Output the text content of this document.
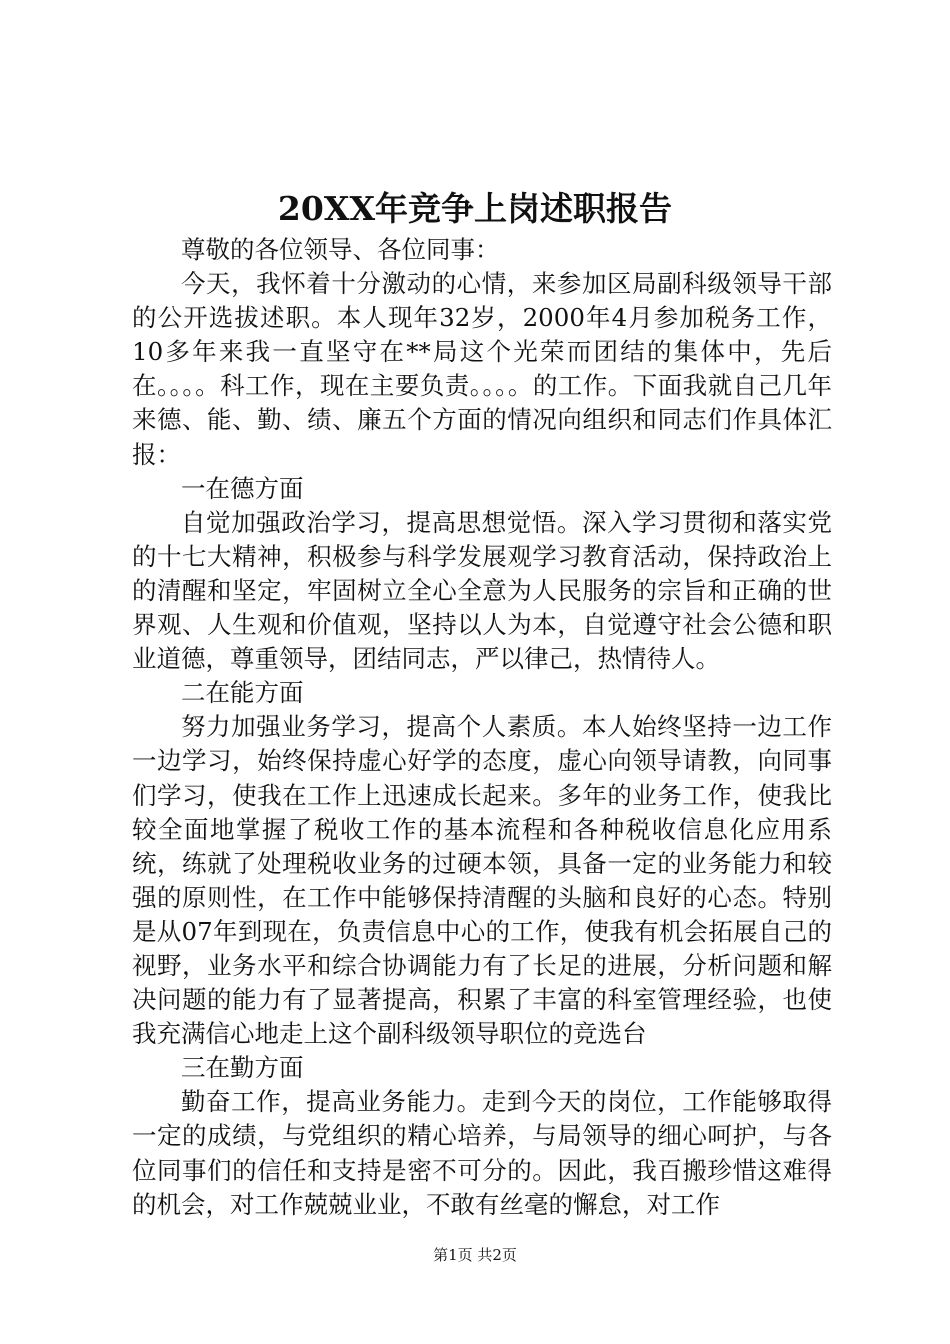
20XX年竞争上岗述职报告

尊敬的各位领导、各位同事：

今天，我怀着十分激动的心情，来参加区局副科级领导干部的公开选拔述职。本人现年32岁，2000年4月参加税务工作，10多年来我一直坚守在**局这个光荣而团结的集体中，先后在。。。。科工作，现在主要负责。。。。的工作。下面我就自己几年来德、能、勤、绩、廉五个方面的情况向组织和同志们作具体汇报：

一在德方面

自觉加强政治学习，提高思想觉悟。深入学习贯彻和落实党的十七大精神，积极参与科学发展观学习教育活动，保持政治上的清醒和坚定，牢固树立全心全意为人民服务的宗旨和正确的世界观、人生观和价值观，坚持以人为本，自觉遵守社会公德和职业道德，尊重领导，团结同志，严以律己，热情待人。

二在能方面

努力加强业务学习，提高个人素质。本人始终坚持一边工作一边学习，始终保持虚心好学的态度，虚心向领导请教，向同事们学习，使我在工作上迅速成长起来。多年的业务工作，使我比较全面地掌握了税收工作的基本流程和各种税收信息化应用系统，练就了处理税收业务的过硬本领，具备一定的业务能力和较强的原则性，在工作中能够保持清醒的头脑和良好的心态。特别是从07年到现在，负责信息中心的工作，使我有机会拓展自己的视野，业务水平和综合协调能力有了长足的进展，分析问题和解决问题的能力有了显著提高，积累了丰富的科室管理经验，也使我充满信心地走上这个副科级领导职位的竞选台

三在勤方面

勤奋工作，提高业务能力。走到今天的岗位，工作能够取得一定的成绩，与党组织的精心培养，与局领导的细心呵护，与各位同事们的信任和支持是密不可分的。因此，我百搬珍惜这难得的机会，对工作兢兢业业，不敢有丝毫的懈怠，对工作

第1页 共2页
